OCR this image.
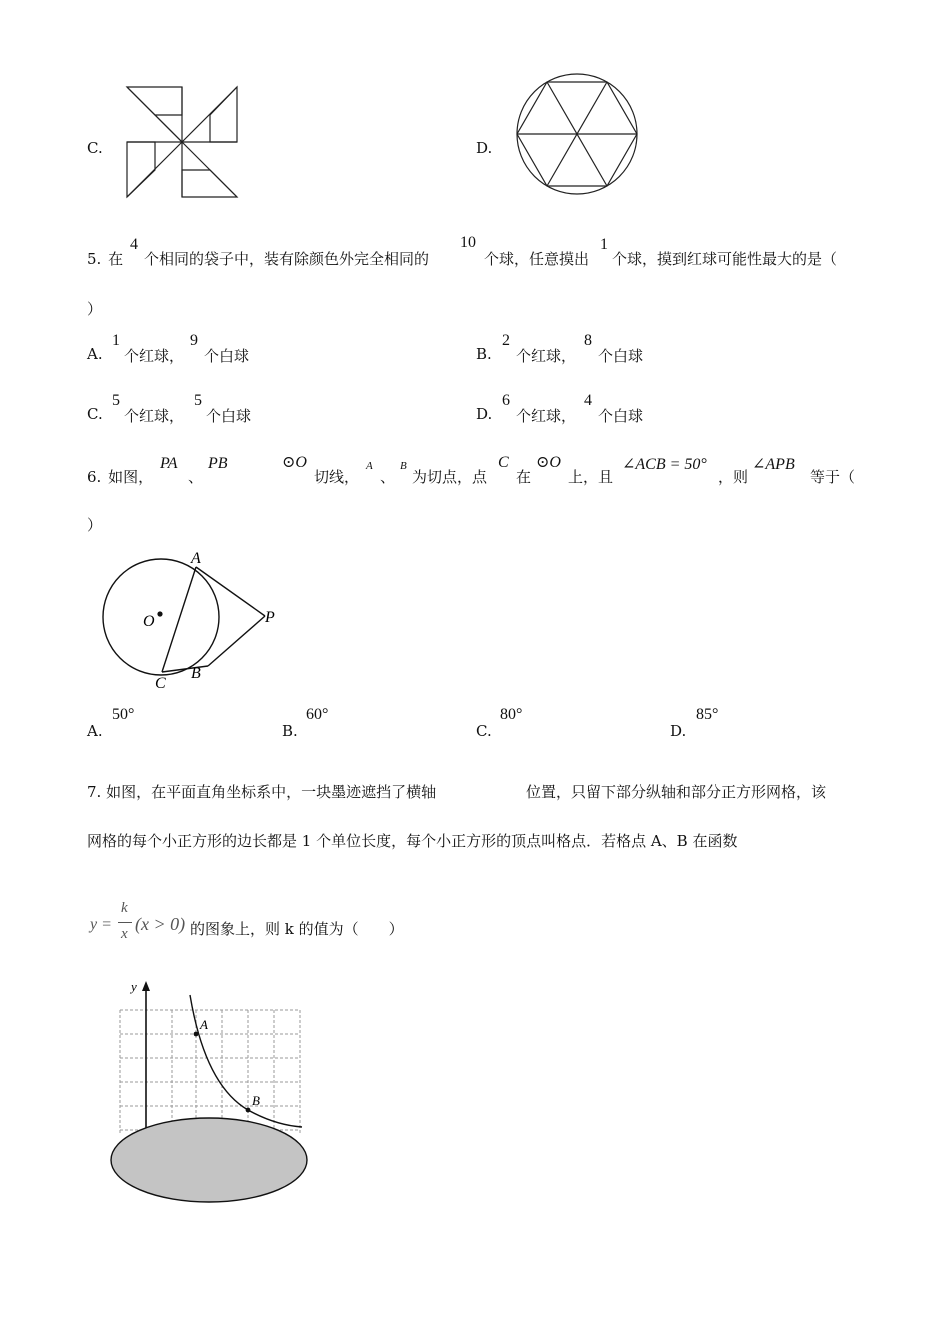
C.	D.
5. 在
4
个相同的袋子中，装有除颜色外完全相同的
10
个球，任意摸出
1
个球，摸到红球可能性最大的是（
）
A.
1
个红球，
9
个白球	B.
2
个红球，
8
个白球
C.
5
个红球，
5
个白球	D.
6
个红球，
4
个白球
6. 如图，
PA
、
PB	⊙O
切线，
A
、
B
为切点，点
C
在
⊙O
上，且
∠ACB = 50°
，则
∠APB
等于（
）
A
O	P
B
C
A.
50°
B.
60°
C.
80°
D.
85°
7. 如图，在平面直角坐标系中，一块墨迹遮挡了横轴	位置，只留下部分纵轴和部分正方形网格，该
网格的每个小正方形的边长都是 1 个单位长度，每个小正方形的顶点叫格点．若格点 A、B 在函数
y =
k
x (x > 0) 的图象上，则 k 的值为（　　）
y
A
B
